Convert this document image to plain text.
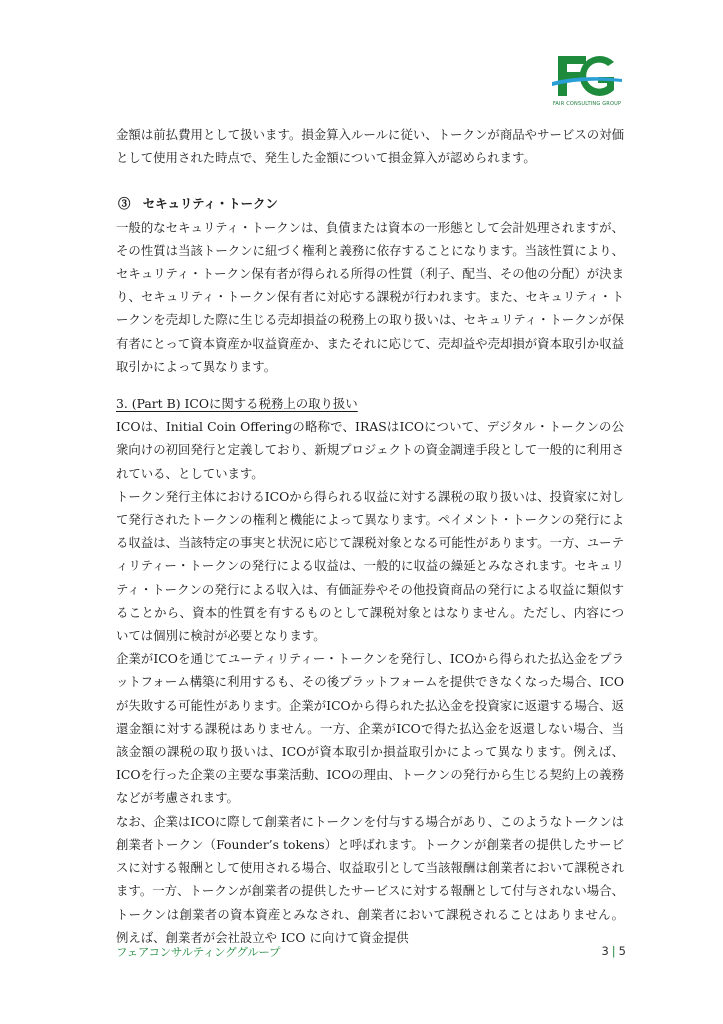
FAIR CONSULTING GROUP

金額は前払費用として扱います。損金算入ルールに従い、トークンが商品やサービスの対価として使用された時点で、発生した金額について損金算入が認められます。

③　セキュリティ・トークン

一般的なセキュリティ・トークンは、負債または資本の一形態として会計処理されますが、その性質は当該トークンに紐づく権利と義務に依存することになります。当該性質により、セキュリティ・トークン保有者が得られる所得の性質（利子、配当、その他の分配）が決まり、セキュリティ・トークン保有者に対応する課税が行われます。また、セキュリティ・トークンを売却した際に生じる売却損益の税務上の取り扱いは、セキュリティ・トークンが保有者にとって資本資産か収益資産か、またそれに応じて、売却益や売却損が資本取引か収益取引かによって異なります。

3. (Part B) ICOに関する税務上の取り扱い

ICOは、Initial Coin Offeringの略称で、IRASはICOについて、デジタル・トークンの公衆向けの初回発行と定義しており、新規プロジェクトの資金調達手段として一般的に利用されている、としています。

トークン発行主体におけるICOから得られる収益に対する課税の取り扱いは、投資家に対して発行されたトークンの権利と機能によって異なります。ペイメント・トークンの発行による収益は、当該特定の事実と状況に応じて課税対象となる可能性があります。一方、ユーティリティー・トークンの発行による収益は、一般的に収益の繰延とみなされます。セキュリティ・トークンの発行による収入は、有価証券やその他投資商品の発行による収益に類似することから、資本的性質を有するものとして課税対象とはなりません。ただし、内容については個別に検討が必要となります。

企業がICOを通じてユーティリティー・トークンを発行し、ICOから得られた払込金をプラットフォーム構築に利用するも、その後プラットフォームを提供できなくなった場合、ICOが失敗する可能性があります。企業がICOから得られた払込金を投資家に返還する場合、返還金額に対する課税はありません。一方、企業がICOで得た払込金を返還しない場合、当該金額の課税の取り扱いは、ICOが資本取引か損益取引かによって異なります。例えば、ICOを行った企業の主要な事業活動、ICOの理由、トークンの発行から生じる契約上の義務などが考慮されます。

なお、企業はICOに際して創業者にトークンを付与する場合があり、このようなトークンは創業者トークン（Founder’s tokens）と呼ばれます。トークンが創業者の提供したサービスに対する報酬として使用される場合、収益取引として当該報酬は創業者において課税されます。一方、トークンが創業者の提供したサービスに対する報酬として付与されない場合、トークンは創業者の資本資産とみなされ、創業者において課税されることはありません。例えば、創業者が会社設立や ICO に向けて資金提供

フェアコンサルティンググループ	3 | 5
